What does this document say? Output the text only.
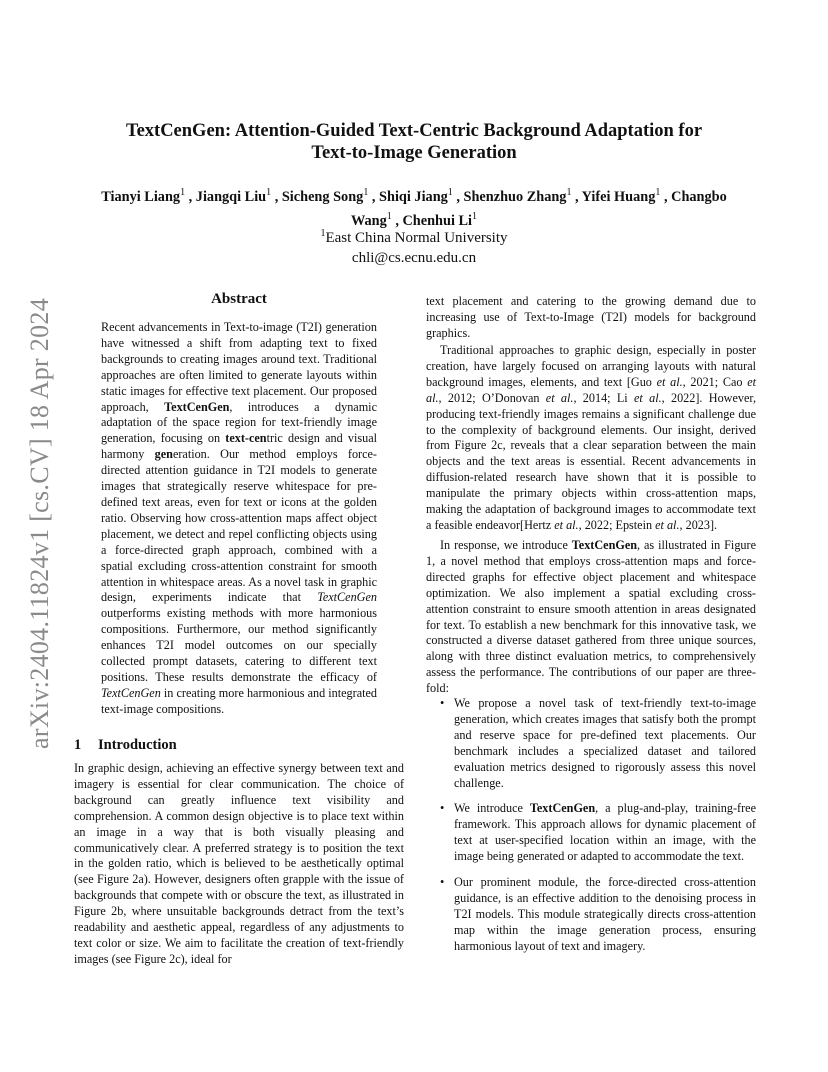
arXiv:2404.11824v1 [cs.CV] 18 Apr 2024
TextCenGen: Attention-Guided Text-Centric Background Adaptation for
Text-to-Image Generation

Tianyi Liang$^1$ , Jiangqi Liu$^1$ , Sicheng Song$^1$ , Shiqi Jiang$^1$ , Shenzhuo Zhang$^1$ , Yifei Huang$^1$ , Changbo Wang$^1$ , Chenhui Li$^1$

$^1$East China Normal University
chli@cs.ecnu.edu.cn

Abstract

Recent advancements in Text-to-image (T2I) generation have witnessed a shift from adapting text to fixed backgrounds to creating images around text. Traditional approaches are often limited to generate layouts within static images for effective text placement. Our proposed approach, TextCenGen, introduces a dynamic adaptation of the space region for text-friendly image generation, focusing on text-centric design and visual harmony generation. Our method employs force-directed attention guidance in T2I models to generate images that strategically reserve whitespace for pre-defined text areas, even for text or icons at the golden ratio. Observing how cross-attention maps affect object placement, we detect and repel conflicting objects using a force-directed graph approach, combined with a spatial excluding cross-attention constraint for smooth attention in whitespace areas. As a novel task in graphic design, experiments indicate that TextCenGen outperforms existing methods with more harmonious compositions. Furthermore, our method significantly enhances T2I model outcomes on our specially collected prompt datasets, catering to different text positions. These results demonstrate the efficacy of TextCenGen in creating more harmonious and integrated text-image compositions.

1 Introduction

In graphic design, achieving an effective synergy between text and imagery is essential for clear communication. The choice of background can greatly influence text visibility and comprehension. A common design objective is to place text within an image in a way that is both visually pleasing and communicatively clear. A preferred strategy is to position the text in the golden ratio, which is believed to be aesthetically optimal (see Figure 2a). However, designers often grapple with the issue of backgrounds that compete with or obscure the text, as illustrated in Figure 2b, where unsuitable backgrounds detract from the text’s readability and aesthetic appeal, regardless of any adjustments to text color or size. We aim to facilitate the creation of text-friendly images (see Figure 2c), ideal for

text placement and catering to the growing demand due to increasing use of Text-to-Image (T2I) models for background graphics.

Traditional approaches to graphic design, especially in poster creation, have largely focused on arranging layouts with natural background images, elements, and text [Guo et al., 2021; Cao et al., 2012; O’Donovan et al., 2014; Li et al., 2022]. However, producing text-friendly images remains a significant challenge due to the complexity of background elements. Our insight, derived from Figure 2c, reveals that a clear separation between the main objects and the text areas is essential. Recent advancements in diffusion-related research have shown that it is possible to manipulate the primary objects within cross-attention maps, making the adaptation of background images to accommodate text a feasible endeavor[Hertz et al., 2022; Epstein et al., 2023].

In response, we introduce TextCenGen, as illustrated in Figure 1, a novel method that employs cross-attention maps and force-directed graphs for effective object placement and whitespace optimization. We also implement a spatial excluding cross-attention constraint to ensure smooth attention in areas designated for text. To establish a new benchmark for this innovative task, we constructed a diverse dataset gathered from three unique sources, along with three distinct evaluation metrics, to comprehensively assess the performance. The contributions of our paper are three-fold:

• We propose a novel task of text-friendly text-to-image generation, which creates images that satisfy both the prompt and reserve space for pre-defined text placements. Our benchmark includes a specialized dataset and tailored evaluation metrics designed to rigorously assess this novel challenge.
• We introduce TextCenGen, a plug-and-play, training-free framework. This approach allows for dynamic placement of text at user-specified location within an image, with the image being generated or adapted to accommodate the text.
• Our prominent module, the force-directed cross-attention guidance, is an effective addition to the denoising process in T2I models. This module strategically directs cross-attention map within the image generation process, ensuring harmonious layout of text and imagery.
